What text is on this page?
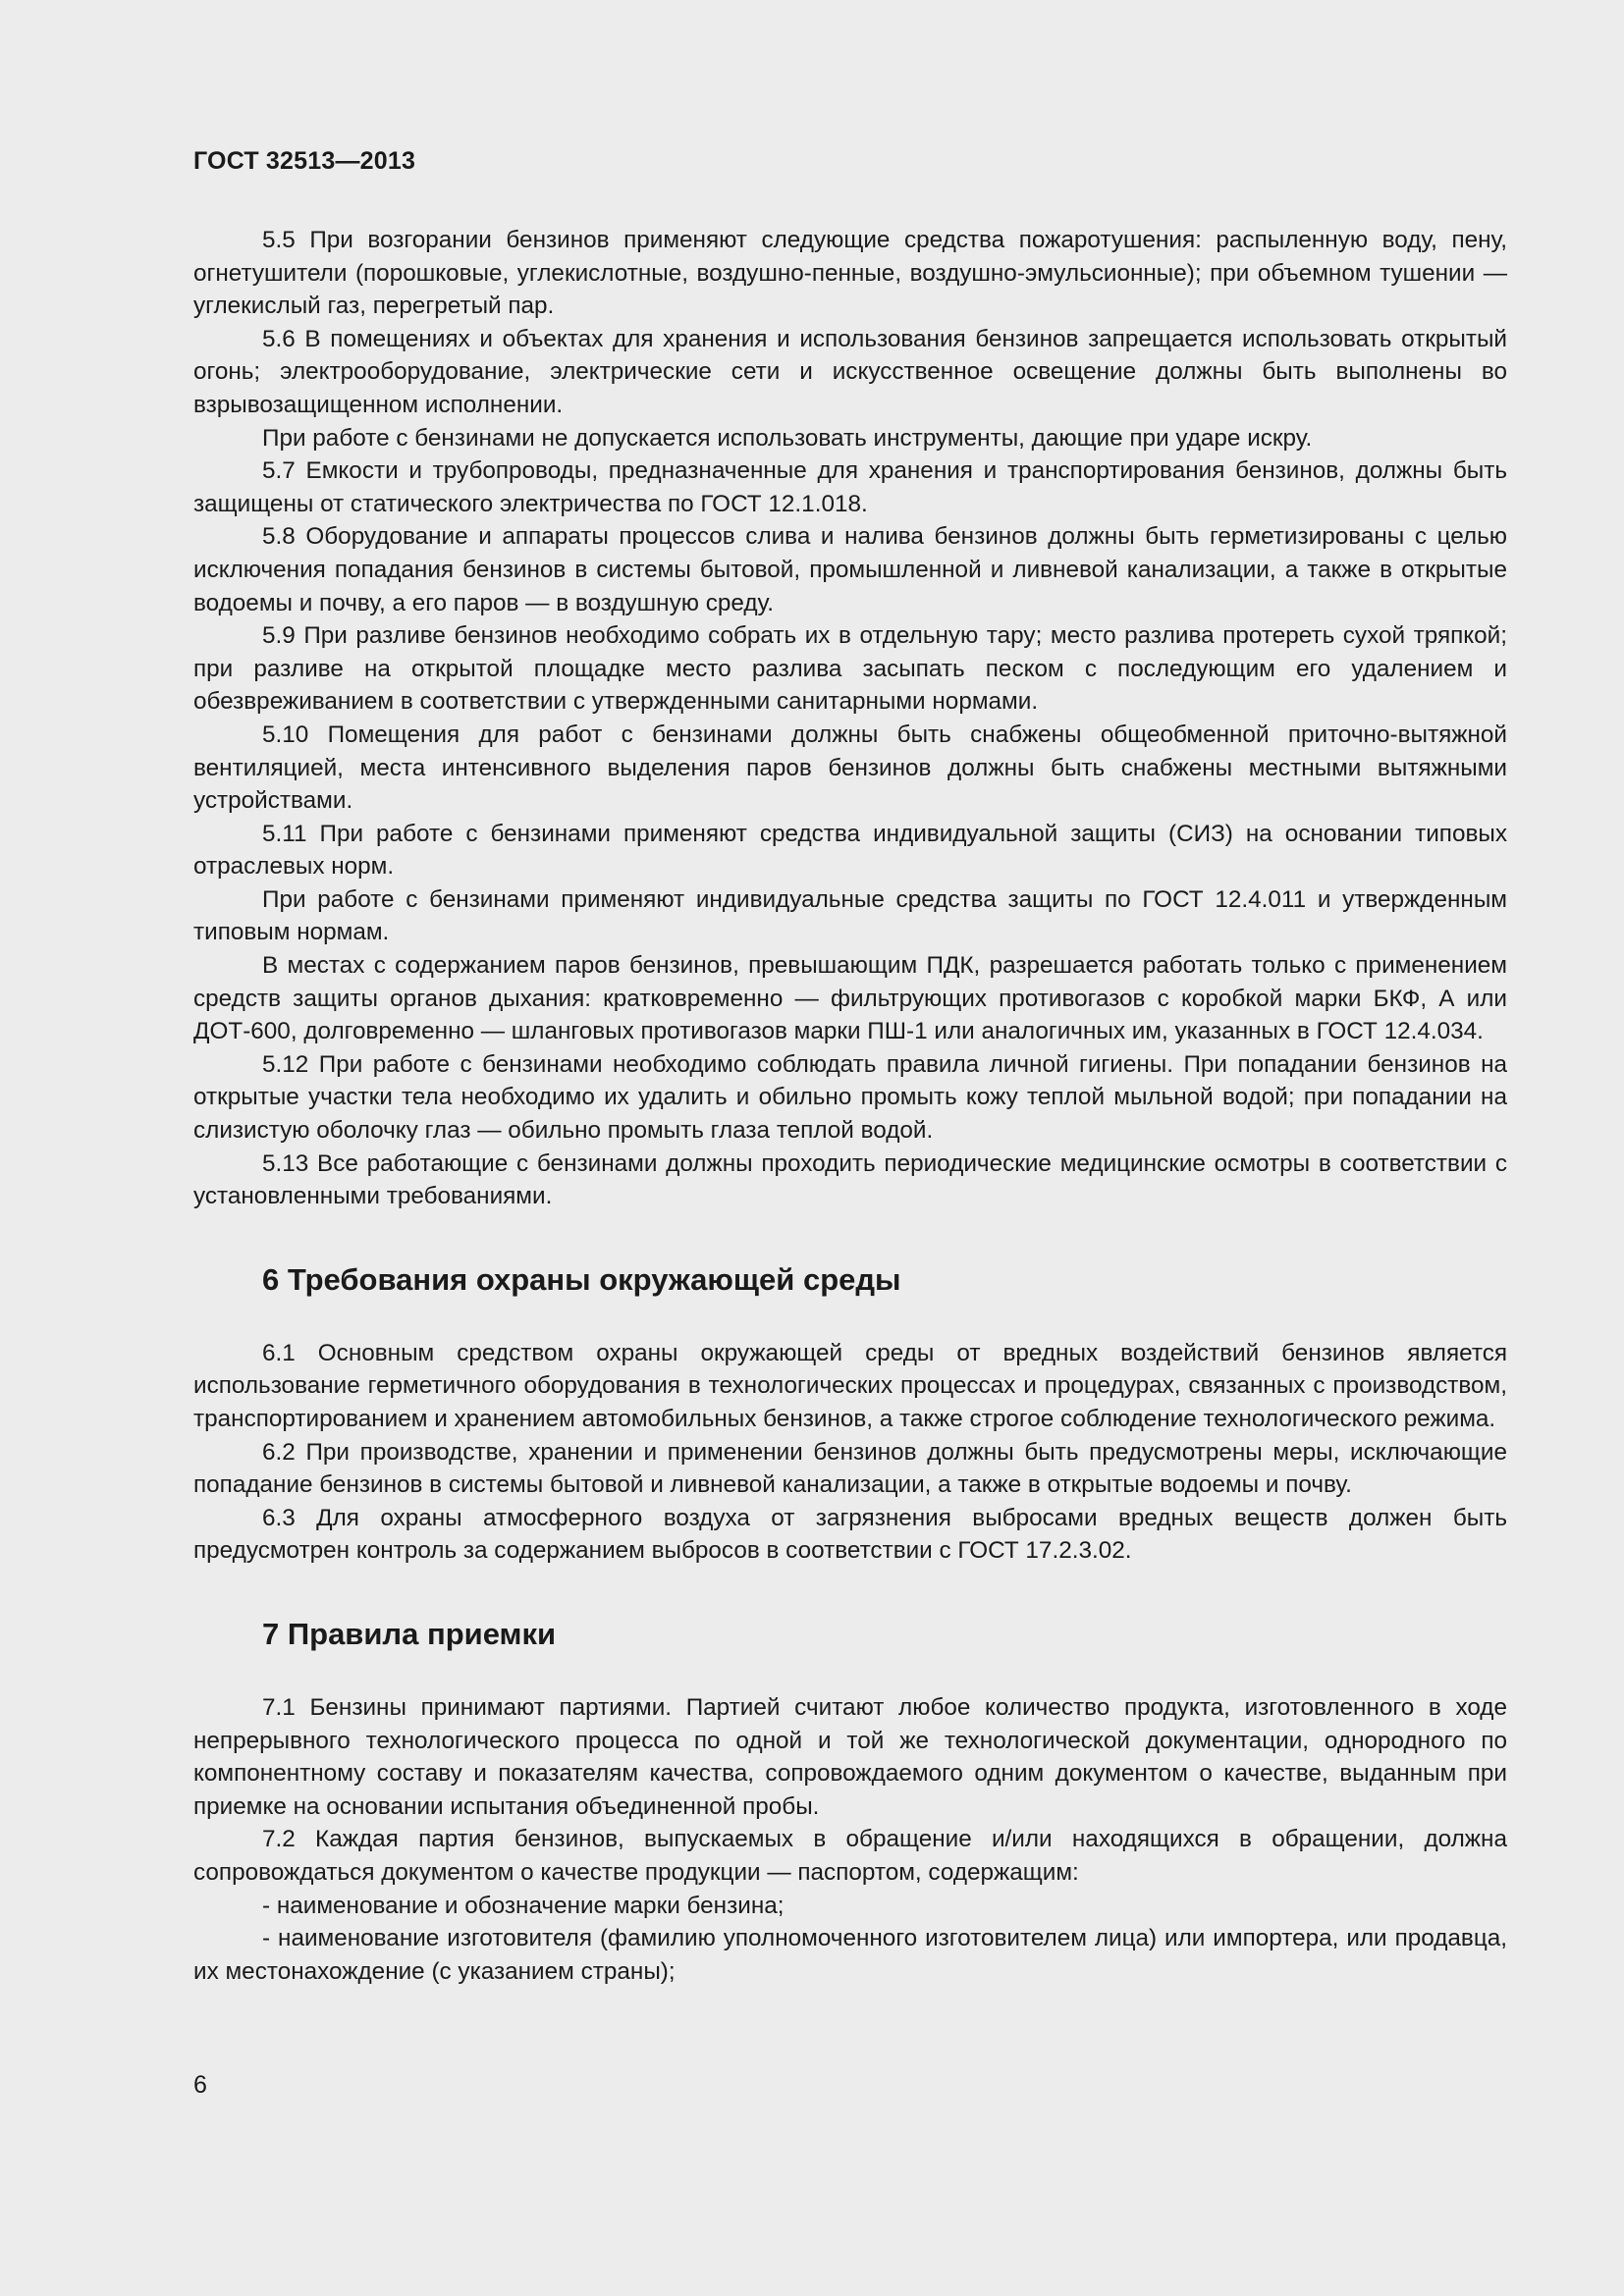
ГОСТ 32513—2013

5.5 При возгорании бензинов применяют следующие средства пожаротушения: распыленную воду, пену, огнетушители (порошковые, углекислотные, воздушно-пенные, воздушно-эмульсионные); при объемном тушении — углекислый газ, перегретый пар.

5.6 В помещениях и объектах для хранения и использования бензинов запрещается использовать открытый огонь; электрооборудование, электрические сети и искусственное освещение должны быть выполнены во взрывозащищенном исполнении.

При работе с бензинами не допускается использовать инструменты, дающие при ударе искру.

5.7 Емкости и трубопроводы, предназначенные для хранения и транспортирования бензинов, должны быть защищены от статического электричества по ГОСТ 12.1.018.

5.8 Оборудование и аппараты процессов слива и налива бензинов должны быть герметизированы с целью исключения попадания бензинов в системы бытовой, промышленной и ливневой канализации, а также в открытые водоемы и почву, а его паров — в воздушную среду.

5.9 При разливе бензинов необходимо собрать их в отдельную тару; место разлива протереть сухой тряпкой; при разливе на открытой площадке место разлива засыпать песком с последующим его удалением и обезвреживанием в соответствии с утвержденными санитарными нормами.

5.10 Помещения для работ с бензинами должны быть снабжены общеобменной приточно-вытяжной вентиляцией, места интенсивного выделения паров бензинов должны быть снабжены местными вытяжными устройствами.

5.11 При работе с бензинами применяют средства индивидуальной защиты (СИЗ) на основании типовых отраслевых норм.

При работе с бензинами применяют индивидуальные средства защиты по ГОСТ 12.4.011 и утвержденным типовым нормам.

В местах с содержанием паров бензинов, превышающим ПДК, разрешается работать только с применением средств защиты органов дыхания: кратковременно — фильтрующих противогазов с коробкой марки БКФ, А или ДОТ-600, долговременно — шланговых противогазов марки ПШ-1 или аналогичных им, указанных в ГОСТ 12.4.034.

5.12 При работе с бензинами необходимо соблюдать правила личной гигиены. При попадании бензинов на открытые участки тела необходимо их удалить и обильно промыть кожу теплой мыльной водой; при попадании на слизистую оболочку глаз — обильно промыть глаза теплой водой.

5.13 Все работающие с бензинами должны проходить периодические медицинские осмотры в соответствии с установленными требованиями.

6 Требования охраны окружающей среды

6.1 Основным средством охраны окружающей среды от вредных воздействий бензинов является использование герметичного оборудования в технологических процессах и процедурах, связанных с производством, транспортированием и хранением автомобильных бензинов, а также строгое соблюдение технологического режима.

6.2 При производстве, хранении и применении бензинов должны быть предусмотрены меры, исключающие попадание бензинов в системы бытовой и ливневой канализации, а также в открытые водоемы и почву.

6.3 Для охраны атмосферного воздуха от загрязнения выбросами вредных веществ должен быть предусмотрен контроль за содержанием выбросов в соответствии с ГОСТ 17.2.3.02.

7 Правила приемки

7.1 Бензины принимают партиями. Партией считают любое количество продукта, изготовленного в ходе непрерывного технологического процесса по одной и той же технологической документации, однородного по компонентному составу и показателям качества, сопровождаемого одним документом о качестве, выданным при приемке на основании испытания объединенной пробы.

7.2 Каждая партия бензинов, выпускаемых в обращение и/или находящихся в обращении, должна сопровождаться документом о качестве продукции — паспортом, содержащим:

- наименование и обозначение марки бензина;

- наименование изготовителя (фамилию уполномоченного изготовителем лица) или импортера, или продавца, их местонахождение (с указанием страны);

6
